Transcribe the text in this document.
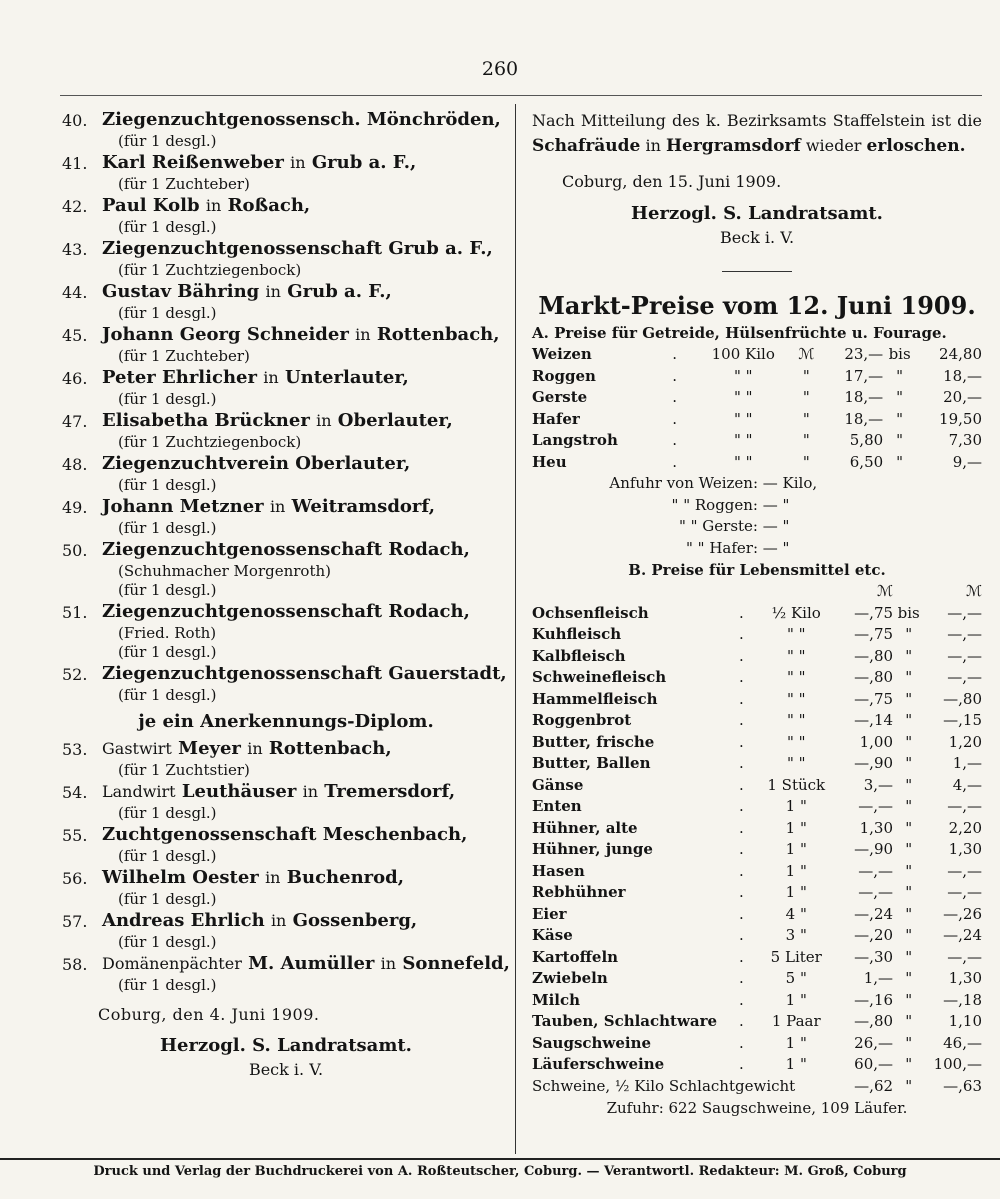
260
40. Ziegenzuchtgenossensch. Mönchröden,
(für 1 desgl.)
41. Karl Reißenweber in Grub a. F.,
(für 1 Zuchteber)
42. Paul Kolb in Roßach,
(für 1 desgl.)
43. Ziegenzuchtgenossenschaft Grub a. F.,
(für 1 Zuchtziegenbock)
44. Gustav Bähring in Grub a. F.,
(für 1 desgl.)
45. Johann Georg Schneider in Rottenbach,
(für 1 Zuchteber)
46. Peter Ehrlicher in Unterlauter,
(für 1 desgl.)
47. Elisabetha Brückner in Oberlauter,
(für 1 Zuchtziegenbock)
48. Ziegenzuchtverein Oberlauter,
(für 1 desgl.)
49. Johann Metzner in Weitramsdorf,
(für 1 desgl.)
50. Ziegenzuchtgenossenschaft Rodach,
(Schuhmacher Morgenroth)
(für 1 desgl.)
51. Ziegenzuchtgenossenschaft Rodach,
(Fried. Roth)
(für 1 desgl.)
52. Ziegenzuchtgenossenschaft Gauerstadt,
(für 1 desgl.)
je ein Anerkennungs-Diplom.
53. Gastwirt Meyer in Rottenbach,
(für 1 Zuchtstier)
54. Landwirt Leuthäuser in Tremersdorf,
(für 1 desgl.)
55. Zuchtgenossenschaft Meschenbach,
(für 1 desgl.)
56. Wilhelm Oester in Buchenrod,
(für 1 desgl.)
57. Andreas Ehrlich in Gossenberg,
(für 1 desgl.)
58. Domänenpächter M. Aumüller in Sonnefeld,
(für 1 desgl.)
Coburg, den 4. Juni 1909.
Herzogl. S. Landratsamt.
Beck i. V.
Nach Mitteilung des k. Bezirksamts Staffelstein ist die Schafräude in Hergramsdorf wieder erloschen.
Coburg, den 15. Juni 1909.
Herzogl. S. Landratsamt.
Beck i. V.
Markt-Preise vom 12. Juni 1909.
A. Preise für Getreide, Hülsenfrüchte u. Fourage.
Weizen	.	100 Kilo	ℳ	23,—	bis	24,80
Roggen	.	" "	"	17,—	"	18,—
Gerste	.	" "	"	18,—	"	20,—
Hafer	.	" "	"	18,—	"	19,50
Langstroh	.	" "	"	5,80	"	7,30
Heu	.	" "	"	6,50	"	9,—
Anfuhr von Weizen: — Kilo,
" " Roggen: — "
" " Gerste: — "
" " Hafer: — "
B. Preise für Lebensmittel etc.
			ℳ		ℳ
Ochsenfleisch	.	½ Kilo	—,75	bis	—,—
Kuhfleisch	.	" "	—,75	"	—,—
Kalbfleisch	.	" "	—,80	"	—,—
Schweinefleisch	.	" "	—,80	"	—,—
Hammelfleisch	.	" "	—,75	"	—,80
Roggenbrot	.	" "	—,14	"	—,15
Butter, frische	.	" "	1,00	"	1,20
Butter, Ballen	.	" "	—,90	"	1,—
Gänse	.	1 Stück	3,—	"	4,—
Enten	.	1 "	—,—	"	—,—
Hühner, alte	.	1 "	1,30	"	2,20
Hühner, junge	.	1 "	—,90	"	1,30
Hasen	.	1 "	—,—	"	—,—
Rebhühner	.	1 "	—,—	"	—,—
Eier	.	4 "	—,24	"	—,26
Käse	.	3 "	—,20	"	—,24
Kartoffeln	.	5 Liter	—,30	"	—,—
Zwiebeln	.	5 "	1,—	"	1,30
Milch	.	1 "	—,16	"	—,18
Tauben, Schlachtware	.	1 Paar	—,80	"	1,10
Saugschweine	.	1 "	26,—	"	46,—
Läuferschweine	.	1 "	60,—	"	100,—
Schweine, ½ Kilo Schlachtgewicht	—,62	"	—,63
Zufuhr: 622 Saugschweine, 109 Läufer.
Druck und Verlag der Buchdruckerei von A. Roßteutscher, Coburg. — Verantwortl. Redakteur: M. Groß, Coburg
